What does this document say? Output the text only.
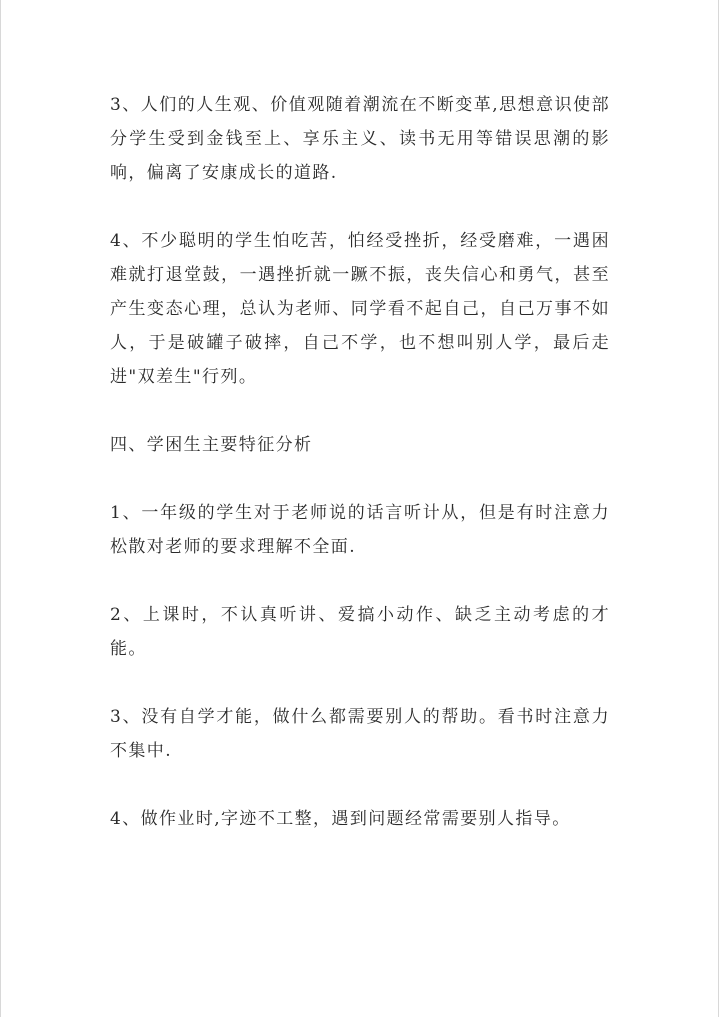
3、人们的人生观、价值观随着潮流在不断变革,思想意识使部分学生受到金钱至上、享乐主义、读书无用等错误思潮的影响，偏离了安康成长的道路.

4、不少聪明的学生怕吃苦，怕经受挫折，经受磨难，一遇困难就打退堂鼓，一遇挫折就一蹶不振，丧失信心和勇气，甚至产生变态心理，总认为老师、同学看不起自己，自己万事不如人，于是破罐子破摔，自己不学，也不想叫别人学，最后走进"双差生"行列。

四、学困生主要特征分析

1、一年级的学生对于老师说的话言听计从，但是有时注意力松散对老师的要求理解不全面.

2、上课时，不认真听讲、爱搞小动作、缺乏主动考虑的才能。

3、没有自学才能，做什么都需要别人的帮助。看书时注意力不集中.

4、做作业时,字迹不工整，遇到问题经常需要别人指导。
